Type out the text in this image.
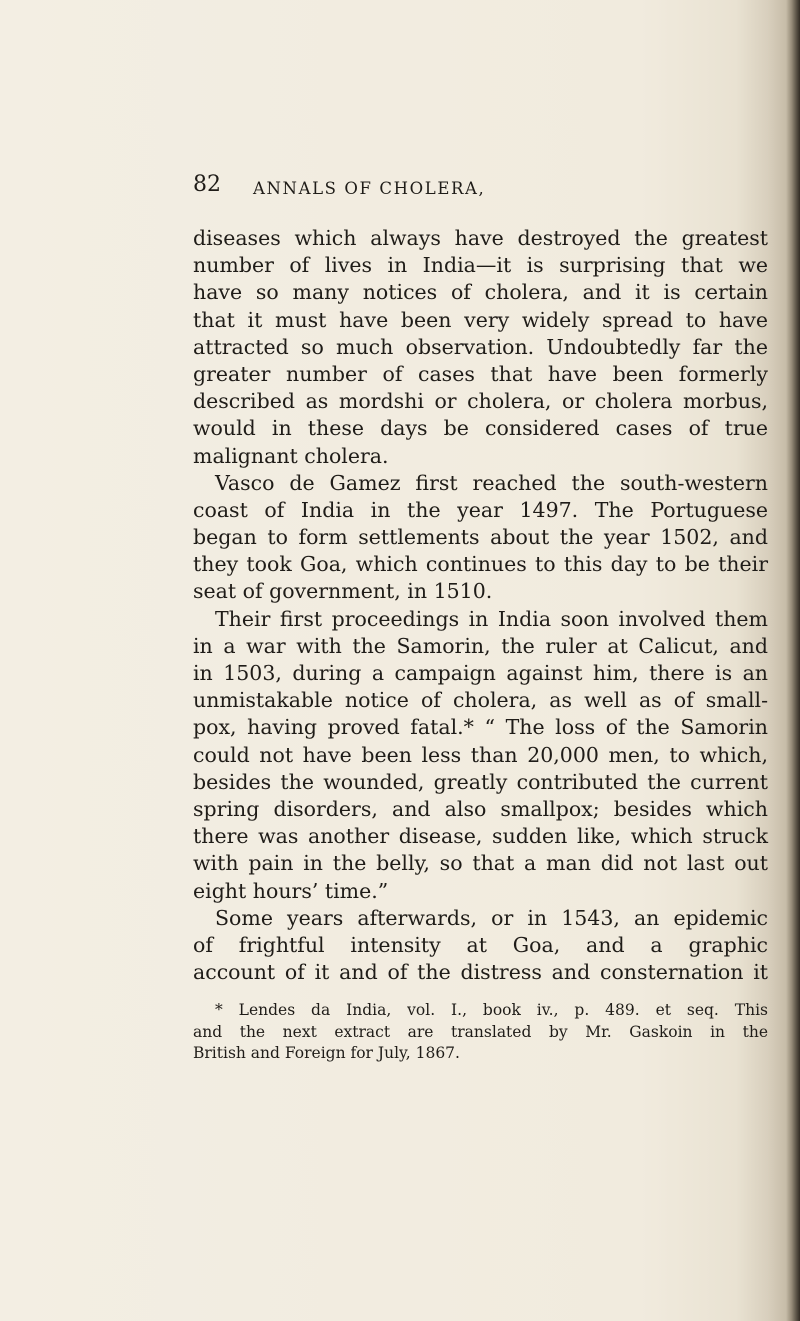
82 ANNALS OF CHOLERA,
diseases which always have destroyed the greatest
number of lives in India—it is surprising that we
have so many notices of cholera, and it is certain
that it must have been very widely spread to have
attracted so much observation. Undoubtedly far the
greater number of cases that have been formerly
described as mordshi or cholera, or cholera morbus,
would in these days be considered cases of true
malignant cholera.
Vasco de Gamez first reached the south-western
coast of India in the year 1497. The Portuguese
began to form settlements about the year 1502, and
they took Goa, which continues to this day to be their
seat of government, in 1510.
Their first proceedings in India soon involved them
in a war with the Samorin, the ruler at Calicut, and
in 1503, during a campaign against him, there is an
unmistakable notice of cholera, as well as of small-
pox, having proved fatal.* “ The loss of the Samorin
could not have been less than 20,000 men, to which,
besides the wounded, greatly contributed the current
spring disorders, and also smallpox; besides which
there was another disease, sudden like, which struck
with pain in the belly, so that a man did not last out
eight hours’ time.”
Some years afterwards, or in 1543, an epidemic
of frightful intensity at Goa, and a graphic
account of it and of the distress and consternation it
* Lendes da India, vol. I., book iv., p. 489. et seq. This
and the next extract are translated by Mr. Gaskoin in the
British and Foreign for July, 1867.
